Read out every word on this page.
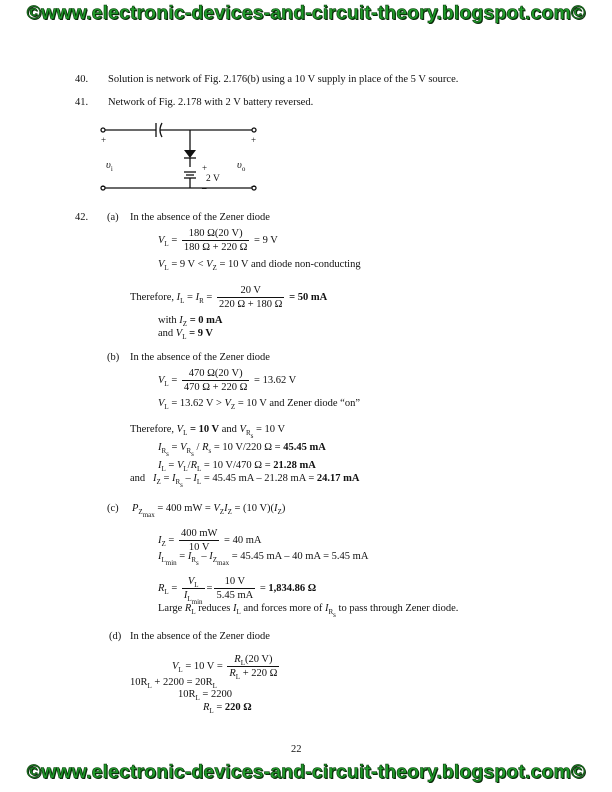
©www.electronic-devices-and-circuit-theory.blogspot.com©
40. Solution is network of Fig. 2.176(b) using a 10 V supply in place of the 5 V source.
41. Network of Fig. 2.178 with 2 V battery reversed.
+
$\upsilon_i$
–
+
$\upsilon_o$
–
+
2 V
–
42. (a) In the absence of the Zener diode
$V_L = \frac{180 \Omega(20 V)}{180 \Omega + 220 \Omega} = 9$ V
$V_L = 9$ $V < V_Z = 10$ V and diode non-conducting
Therefore, $I_L = I_R = \frac{20 V}{220 \Omega + 180 \Omega} = 50$ mA
with $I_Z = 0$ mA
and $V_L = 9$ V
(b) In the absence of the Zener diode
$V_L = \frac{470 \Omega(20 V)}{470 \Omega + 220 \Omega} = 13.62$ V
$V_L = 13.62$ $V > V_Z = 10$ V and Zener diode “on”
Therefore, $V_L = 10$ V and $V_{R_s} = 10$ V
$I_{R_s} = V_{R_s} / R_s = 10$ V/220 Ω = 45.45 mA
$I_L = V_L/R_L = 10$ V/470 Ω = 21.28 mA
and $I_Z = I_{R_s} - I_L = 45.45$ mA – 21.28 mA = 24.17 mA
(c) $P_{Z_{max}} = 400$ mW = $V_ZI_Z = (10$ $V)(I_Z)$
$I_Z = \frac{400 mW}{10 V} = 40$ mA
$I_{L_{min}} = I_{R_s} - I_{Z_{max}} = 45.45$ mA – 40 mA = 5.45 mA
$R_L = \frac{V_L}{I_{L_{min}}} = \frac{10 V}{5.45 mA} = 1,834.86$ Ω
Large $R_L$ reduces $I_L$ and forces more of $I_{R_s}$ to pass through Zener diode.
(d) In the absence of the Zener diode
$V_L = 10$ $V = \frac{R_L(20 V)}{R_L + 220 \Omega}$
$10R_L + 2200 = 20R_L$
$10R_L = 2200$
$R_L = 220$ Ω
22
©www.electronic-devices-and-circuit-theory.blogspot.com©
